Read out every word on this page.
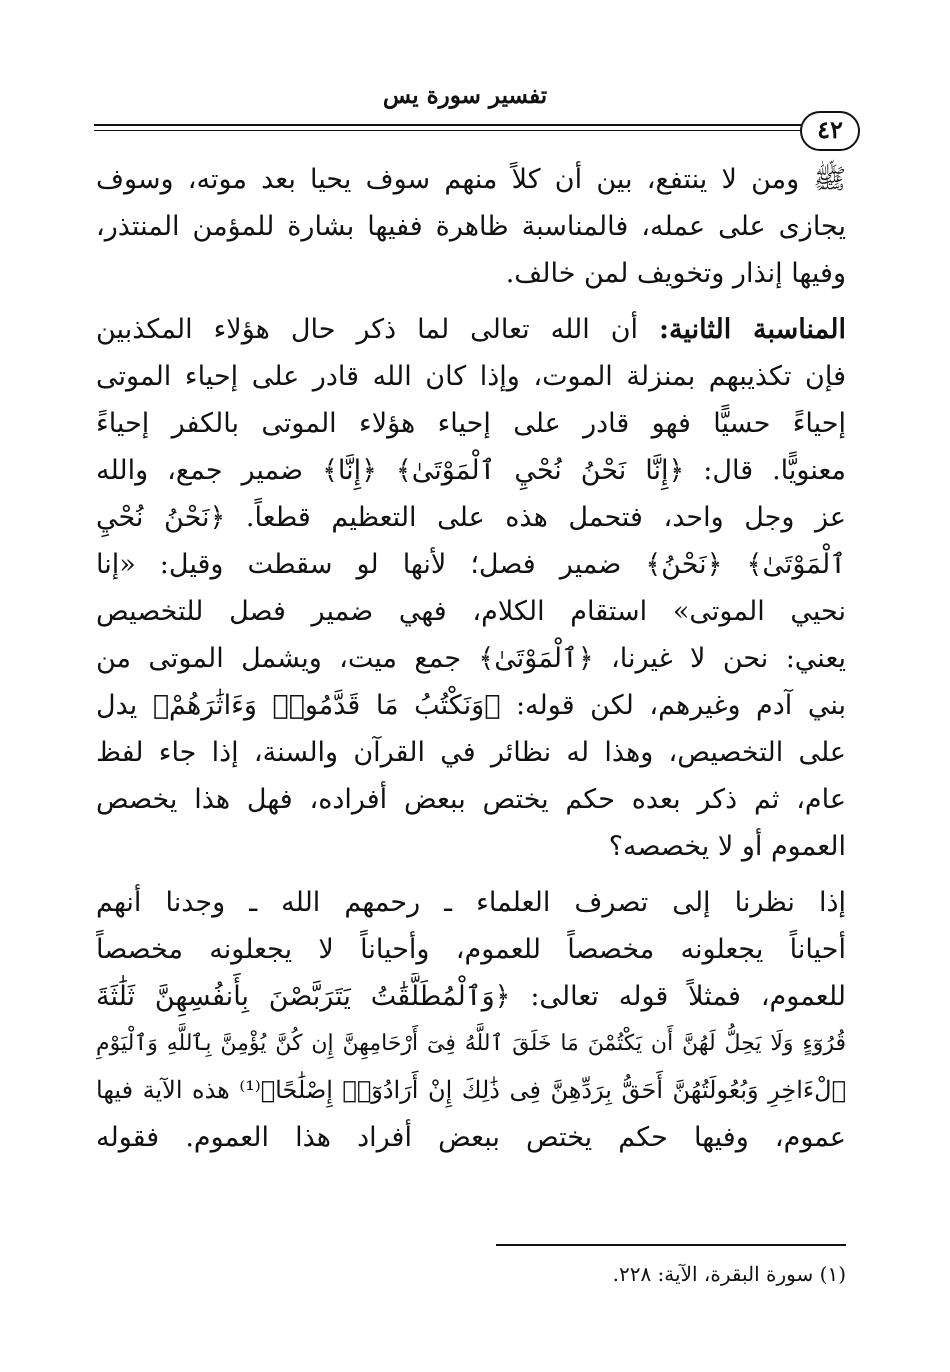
تفسير سورة يس
٤٢
ﷺ ومن لا ينتفع، بين أن كلاً منهم سوف يحيا بعد موته، وسوف
يجازى على عمله، فالمناسبة ظاهرة ففيها بشارة للمؤمن المنتذر،
وفيها إنذار وتخويف لمن خالف.
المناسبة الثانية: أن الله تعالى لما ذكر حال هؤلاء المكذبين
فإن تكذيبهم بمنزلة الموت، وإذا كان الله قادر على إحياء الموتى
إحياءً حسيًّا فهو قادر على إحياء هؤلاء الموتى بالكفر إحياءً
معنويًّا. قال: ﴿إِنَّا نَحْنُ نُحْيِ ٱلْمَوْتَىٰ﴾ ﴿إِنَّا﴾ ضمير جمع، والله
عز وجل واحد، فتحمل هذه على التعظيم قطعاً. ﴿نَحْنُ نُحْيِ
ٱلْمَوْتَىٰ﴾ ﴿نَحْنُ﴾ ضمير فصل؛ لأنها لو سقطت وقيل: «إنا
نحيي الموتى» استقام الكلام، فهي ضمير فصل للتخصيص
يعني: نحن لا غيرنا، ﴿ٱلْمَوْتَىٰ﴾ جمع ميت، ويشمل الموتى من
بني آدم وغيرهم، لكن قوله: ﴿وَنَكْتُبُ مَا قَدَّمُوا۟ وَءَاثَٰرَهُمْ﴾ يدل
على التخصيص، وهذا له نظائر في القرآن والسنة، إذا جاء لفظ
عام، ثم ذكر بعده حكم يختص ببعض أفراده، فهل هذا يخصص
العموم أو لا يخصصه؟
إذا نظرنا إلى تصرف العلماء ـ رحمهم الله ـ وجدنا أنهم
أحياناً يجعلونه مخصصاً للعموم، وأحياناً لا يجعلونه مخصصاً
للعموم، فمثلاً قوله تعالى: ﴿وَٱلْمُطَلَّقَٰتُ يَتَرَبَّصْنَ بِأَنفُسِهِنَّ ثَلَٰثَةَ
قُرُوٓءٍ وَلَا يَحِلُّ لَهُنَّ أَن يَكْتُمْنَ مَا خَلَقَ ٱللَّهُ فِىٓ أَرْحَامِهِنَّ إِن كُنَّ يُؤْمِنَّ بِٱللَّهِ وَٱلْيَوْمِ
ٱلْءَاخِرِ وَبُعُولَتُهُنَّ أَحَقُّ بِرَدِّهِنَّ فِى ذَٰلِكَ إِنْ أَرَادُوٓا۟ إِصْلَٰحًا﴾⁽¹⁾ هذه الآية فيها
عموم، وفيها حكم يختص ببعض أفراد هذا العموم. فقوله
(١) سورة البقرة، الآية: ٢٢٨.
